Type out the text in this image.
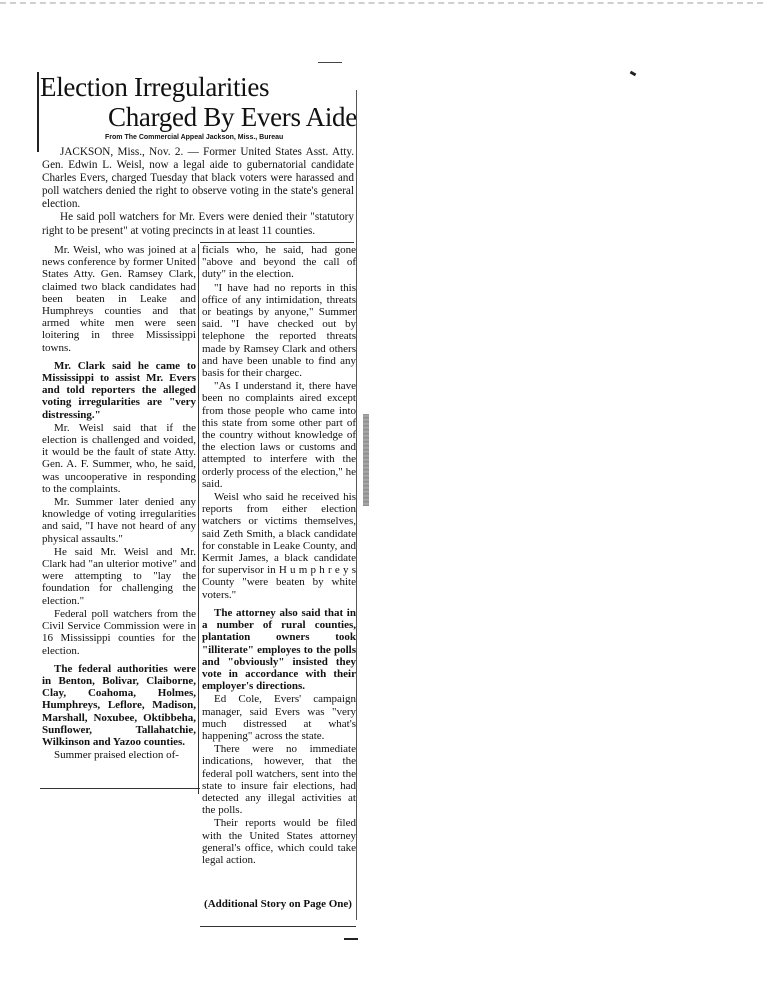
Election Irregularities
Charged By Evers Aide
From The Commercial Appeal Jackson, Miss., Bureau

JACKSON, Miss., Nov. 2. — Former United States Asst. Atty. Gen. Edwin L. Weisl, now a legal aide to gubernatorial candidate Charles Evers, charged Tuesday that black voters were harassed and poll watchers denied the right to observe voting in the state's general election.

He said poll watchers for Mr. Evers were denied their "statutory right to be present" at voting precincts in at least 11 counties.

Mr. Weisl, who was joined at a news conference by former United States Atty. Gen. Ramsey Clark, claimed two black candidates had been beaten in Leake and Humphreys counties and that armed white men were seen loitering in three Mississippi towns.

Mr. Clark said he came to Mississippi to assist Mr. Evers and told reporters the alleged voting irregularities are "very distressing."

Mr. Weisl said that if the election is challenged and voided, it would be the fault of state Atty. Gen. A. F. Summer, who, he said, was uncooperative in responding to the complaints.

Mr. Summer later denied any knowledge of voting irregularities and said, "I have not heard of any physical assaults."

He said Mr. Weisl and Mr. Clark had "an ulterior motive" and were attempting to "lay the foundation for challenging the election."

Federal poll watchers from the Civil Service Commission were in 16 Mississippi counties for the election.

The federal authorities were in Benton, Bolivar, Claiborne, Clay, Coahoma, Holmes, Humphreys, Leflore, Madison, Marshall, Noxubee, Oktibbeha, Sunflower, Tallahatchie, Wilkinson and Yazoo counties.

Summer praised election of-

ficials who, he said, had gone "above and beyond the call of duty" in the election.

"I have had no reports in this office of any intimidation, threats or beatings by anyone," Summer said. "I have checked out by telephone the reported threats made by Ramsey Clark and others and have been unable to find any basis for their chargec.

"As I understand it, there have been no complaints aired except from those people who came into this state from some other part of the country without knowledge of the election laws or customs and attempted to interfere with the orderly process of the election," he said.

Weisl who said he received his reports from either election watchers or victims themselves, said Zeth Smith, a black candidate for constable in Leake County, and Kermit James, a black candidate for supervisor in H u m p h r e y s County "were beaten by white voters."

The attorney also said that in a number of rural counties, plantation owners took "illiterate" employes to the polls and "obviously" insisted they vote in accordance with their employer's directions.

Ed Cole, Evers' campaign manager, said Evers was "very much distressed at what's happening" across the state.

There were no immediate indications, however, that the federal poll watchers, sent into the state to insure fair elections, had detected any illegal activities at the polls.

Their reports would be filed with the United States attorney general's office, which could take legal action.

(Additional Story on Page One)
